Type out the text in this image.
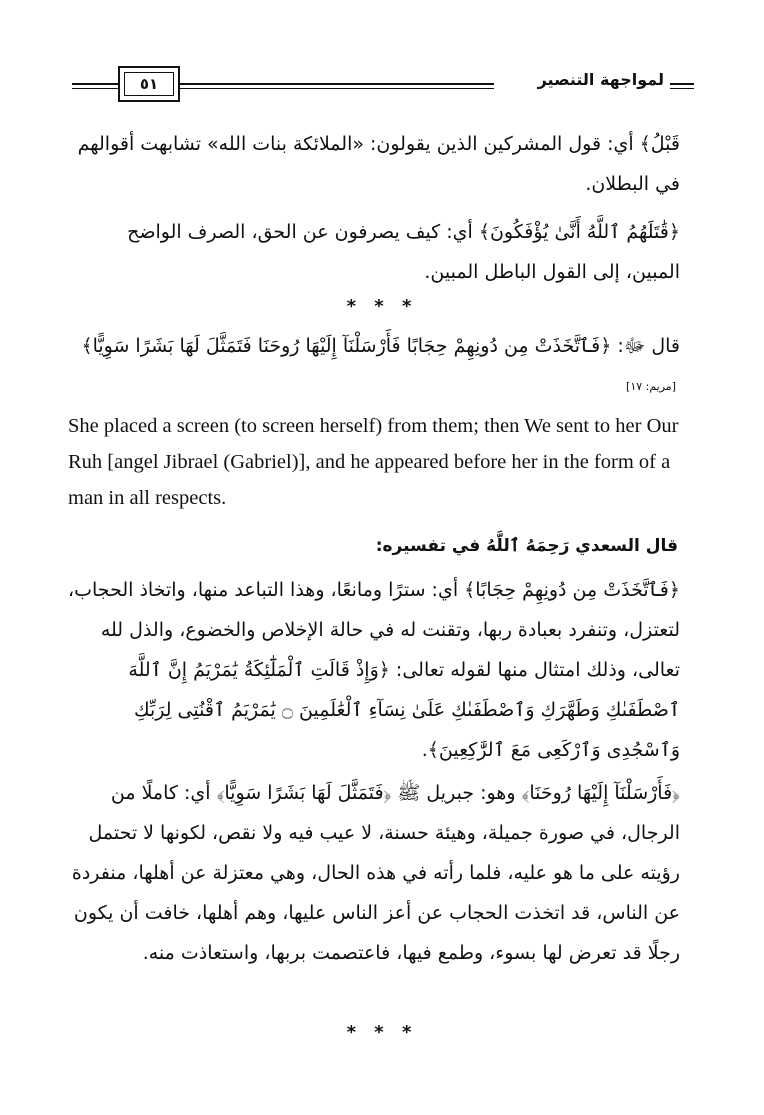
٥١	لمواجهة التنصير
قَبْلُ﴾ أي: قول المشركين الذين يقولون: «الملائكة بنات الله» تشابهت أقوالهم في البطلان.
﴿قَٰتَلَهُمُ ٱللَّهُ أَنَّىٰ يُؤْفَكُونَ﴾ أي: كيف يصرفون عن الحق، الصرف الواضح المبين، إلى القول الباطل المبين.
* * *
قال ﷻ: ﴿فَٱتَّخَذَتْ مِن دُونِهِمْ حِجَابًا فَأَرْسَلْنَآ إِلَيْهَا رُوحَنَا فَتَمَثَّلَ لَهَا بَشَرًا سَوِيًّا﴾
[مريم: ١٧]
She placed a screen (to screen herself) from them; then We sent to her Our Ruh [angel Jibrael (Gabriel)], and he appeared before her in the form of a man in all respects.
قال السعدي رَحِمَهُ ٱللَّهُ في تفسيره:
﴿فَٱتَّخَذَتْ مِن دُونِهِمْ حِجَابًا﴾ أي: سترًا ومانعًا، وهذا التباعد منها، واتخاذ الحجاب، لتعتزل، وتنفرد بعبادة ربها، وتقنت له في حالة الإخلاص والخضوع، والذل لله تعالى، وذلك امتثال منها لقوله تعالى: ﴿وَإِذْ قَالَتِ ٱلْمَلَٰٓئِكَةُ يَٰمَرْيَمُ إِنَّ ٱللَّهَ ٱصْطَفَىٰكِ وَطَهَّرَكِ وَٱصْطَفَىٰكِ عَلَىٰ نِسَآءِ ٱلْعَٰلَمِينَ ۝ يَٰمَرْيَمُ ٱقْنُتِى لِرَبِّكِ وَٱسْجُدِى وَٱرْكَعِى مَعَ ٱلرَّٰكِعِينَ﴾.
﴿فَأَرْسَلْنَآ إِلَيْهَا رُوحَنَا﴾ وهو: جبريل ﷺ ﴿فَتَمَثَّلَ لَهَا بَشَرًا سَوِيًّا﴾ أي: كاملًا من الرجال، في صورة جميلة، وهيئة حسنة، لا عيب فيه ولا نقص، لكونها لا تحتمل رؤيته على ما هو عليه، فلما رأته في هذه الحال، وهي معتزلة عن أهلها، منفردة عن الناس، قد اتخذت الحجاب عن أعز الناس عليها، وهم أهلها، خافت أن يكون رجلًا قد تعرض لها بسوء، وطمع فيها، فاعتصمت بربها، واستعاذت منه.
* * *
